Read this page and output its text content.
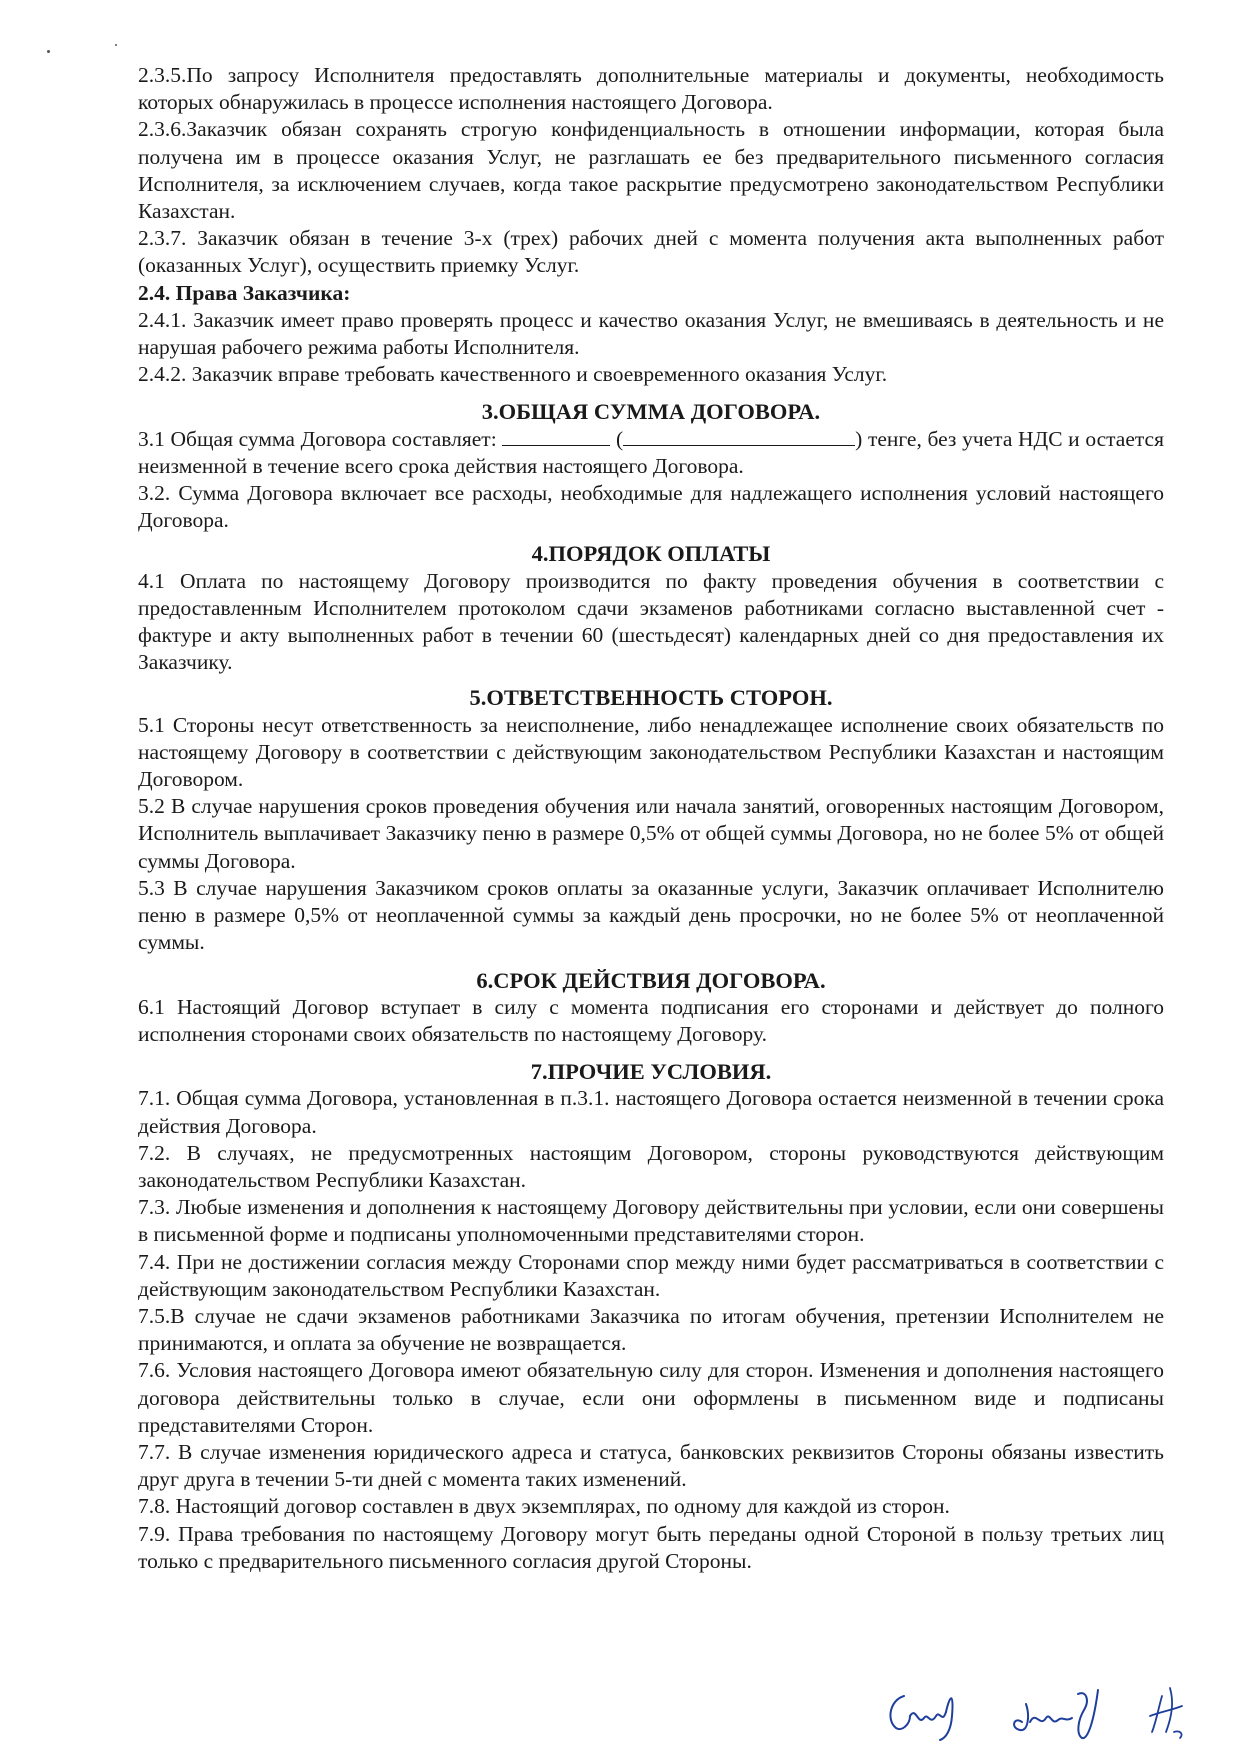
2.3.5.По запросу Исполнителя предоставлять дополнительные материалы и документы, необходимость которых обнаружилась в процессе исполнения настоящего Договора.

2.3.6.Заказчик обязан сохранять строгую конфиденциальность в отношении информации, которая была получена им в процессе оказания Услуг, не разглашать ее без предварительного письменного согласия Исполнителя, за исключением случаев, когда такое раскрытие предусмотрено законодательством Республики Казахстан.

2.3.7. Заказчик обязан в течение 3-х (трех) рабочих дней с момента получения акта выполненных работ (оказанных Услуг), осуществить приемку Услуг.

2.4. Права Заказчика:

2.4.1. Заказчик имеет право проверять процесс и качество оказания Услуг, не вмешиваясь в деятельность и не нарушая рабочего режима работы Исполнителя.

2.4.2. Заказчик вправе требовать качественного и своевременного оказания Услуг.

3.ОБЩАЯ СУММА ДОГОВОРА.

3.1 Общая сумма Договора составляет:	(	) тенге, без учета НДС и остается неизменной в течение всего срока действия настоящего Договора.

3.2. Сумма Договора включает все расходы, необходимые для надлежащего исполнения условий настоящего Договора.

4.ПОРЯДОК ОПЛАТЫ

4.1 Оплата по настоящему Договору производится по факту проведения обучения в соответствии с предоставленным Исполнителем протоколом сдачи экзаменов работниками согласно выставленной счет - фактуре и акту выполненных работ в течении 60 (шестьдесят) календарных дней со дня предоставления их Заказчику.

5.ОТВЕТСТВЕННОСТЬ СТОРОН.

5.1 Стороны несут ответственность за неисполнение, либо ненадлежащее исполнение своих обязательств по настоящему Договору в соответствии с действующим законодательством Республики Казахстан и настоящим Договором.

5.2 В случае нарушения сроков проведения обучения или начала занятий, оговоренных настоящим Договором, Исполнитель выплачивает Заказчику пеню в размере 0,5% от общей суммы Договора, но не более 5% от общей суммы Договора.

5.3 В случае нарушения Заказчиком сроков оплаты за оказанные услуги, Заказчик оплачивает Исполнителю пеню в размере 0,5% от неоплаченной суммы за каждый день просрочки, но не более 5% от неоплаченной суммы.

6.СРОК ДЕЙСТВИЯ ДОГОВОРА.

6.1 Настоящий Договор вступает в силу с момента подписания его сторонами и действует до полного исполнения сторонами своих обязательств по настоящему Договору.

7.ПРОЧИЕ УСЛОВИЯ.

7.1. Общая сумма Договора, установленная в п.3.1. настоящего Договора остается неизменной в течении срока действия Договора.

7.2. В случаях, не предусмотренных настоящим Договором, стороны руководствуются действующим законодательством Республики Казахстан.

7.3. Любые изменения и дополнения к настоящему Договору действительны при условии, если они совершены в письменной форме и подписаны уполномоченными представителями сторон.

7.4. При не достижении согласия между Сторонами спор между ними будет рассматриваться в соответствии с действующим законодательством Республики Казахстан.

7.5.В случае не сдачи экзаменов работниками Заказчика по итогам обучения, претензии Исполнителем не принимаются, и оплата за обучение не возвращается.

7.6. Условия настоящего Договора имеют обязательную силу для сторон. Изменения и дополнения настоящего договора действительны только в случае, если они оформлены в письменном виде и подписаны представителями Сторон.

7.7. В случае изменения юридического адреса и статуса, банковских реквизитов Стороны обязаны известить друг друга в течении 5-ти дней с момента таких изменений.

7.8. Настоящий договор составлен в двух экземплярах, по одному для каждой из сторон.

7.9. Права требования по настоящему Договору могут быть переданы одной Стороной в пользу третьих лиц только с предварительного письменного согласия другой Стороны.
